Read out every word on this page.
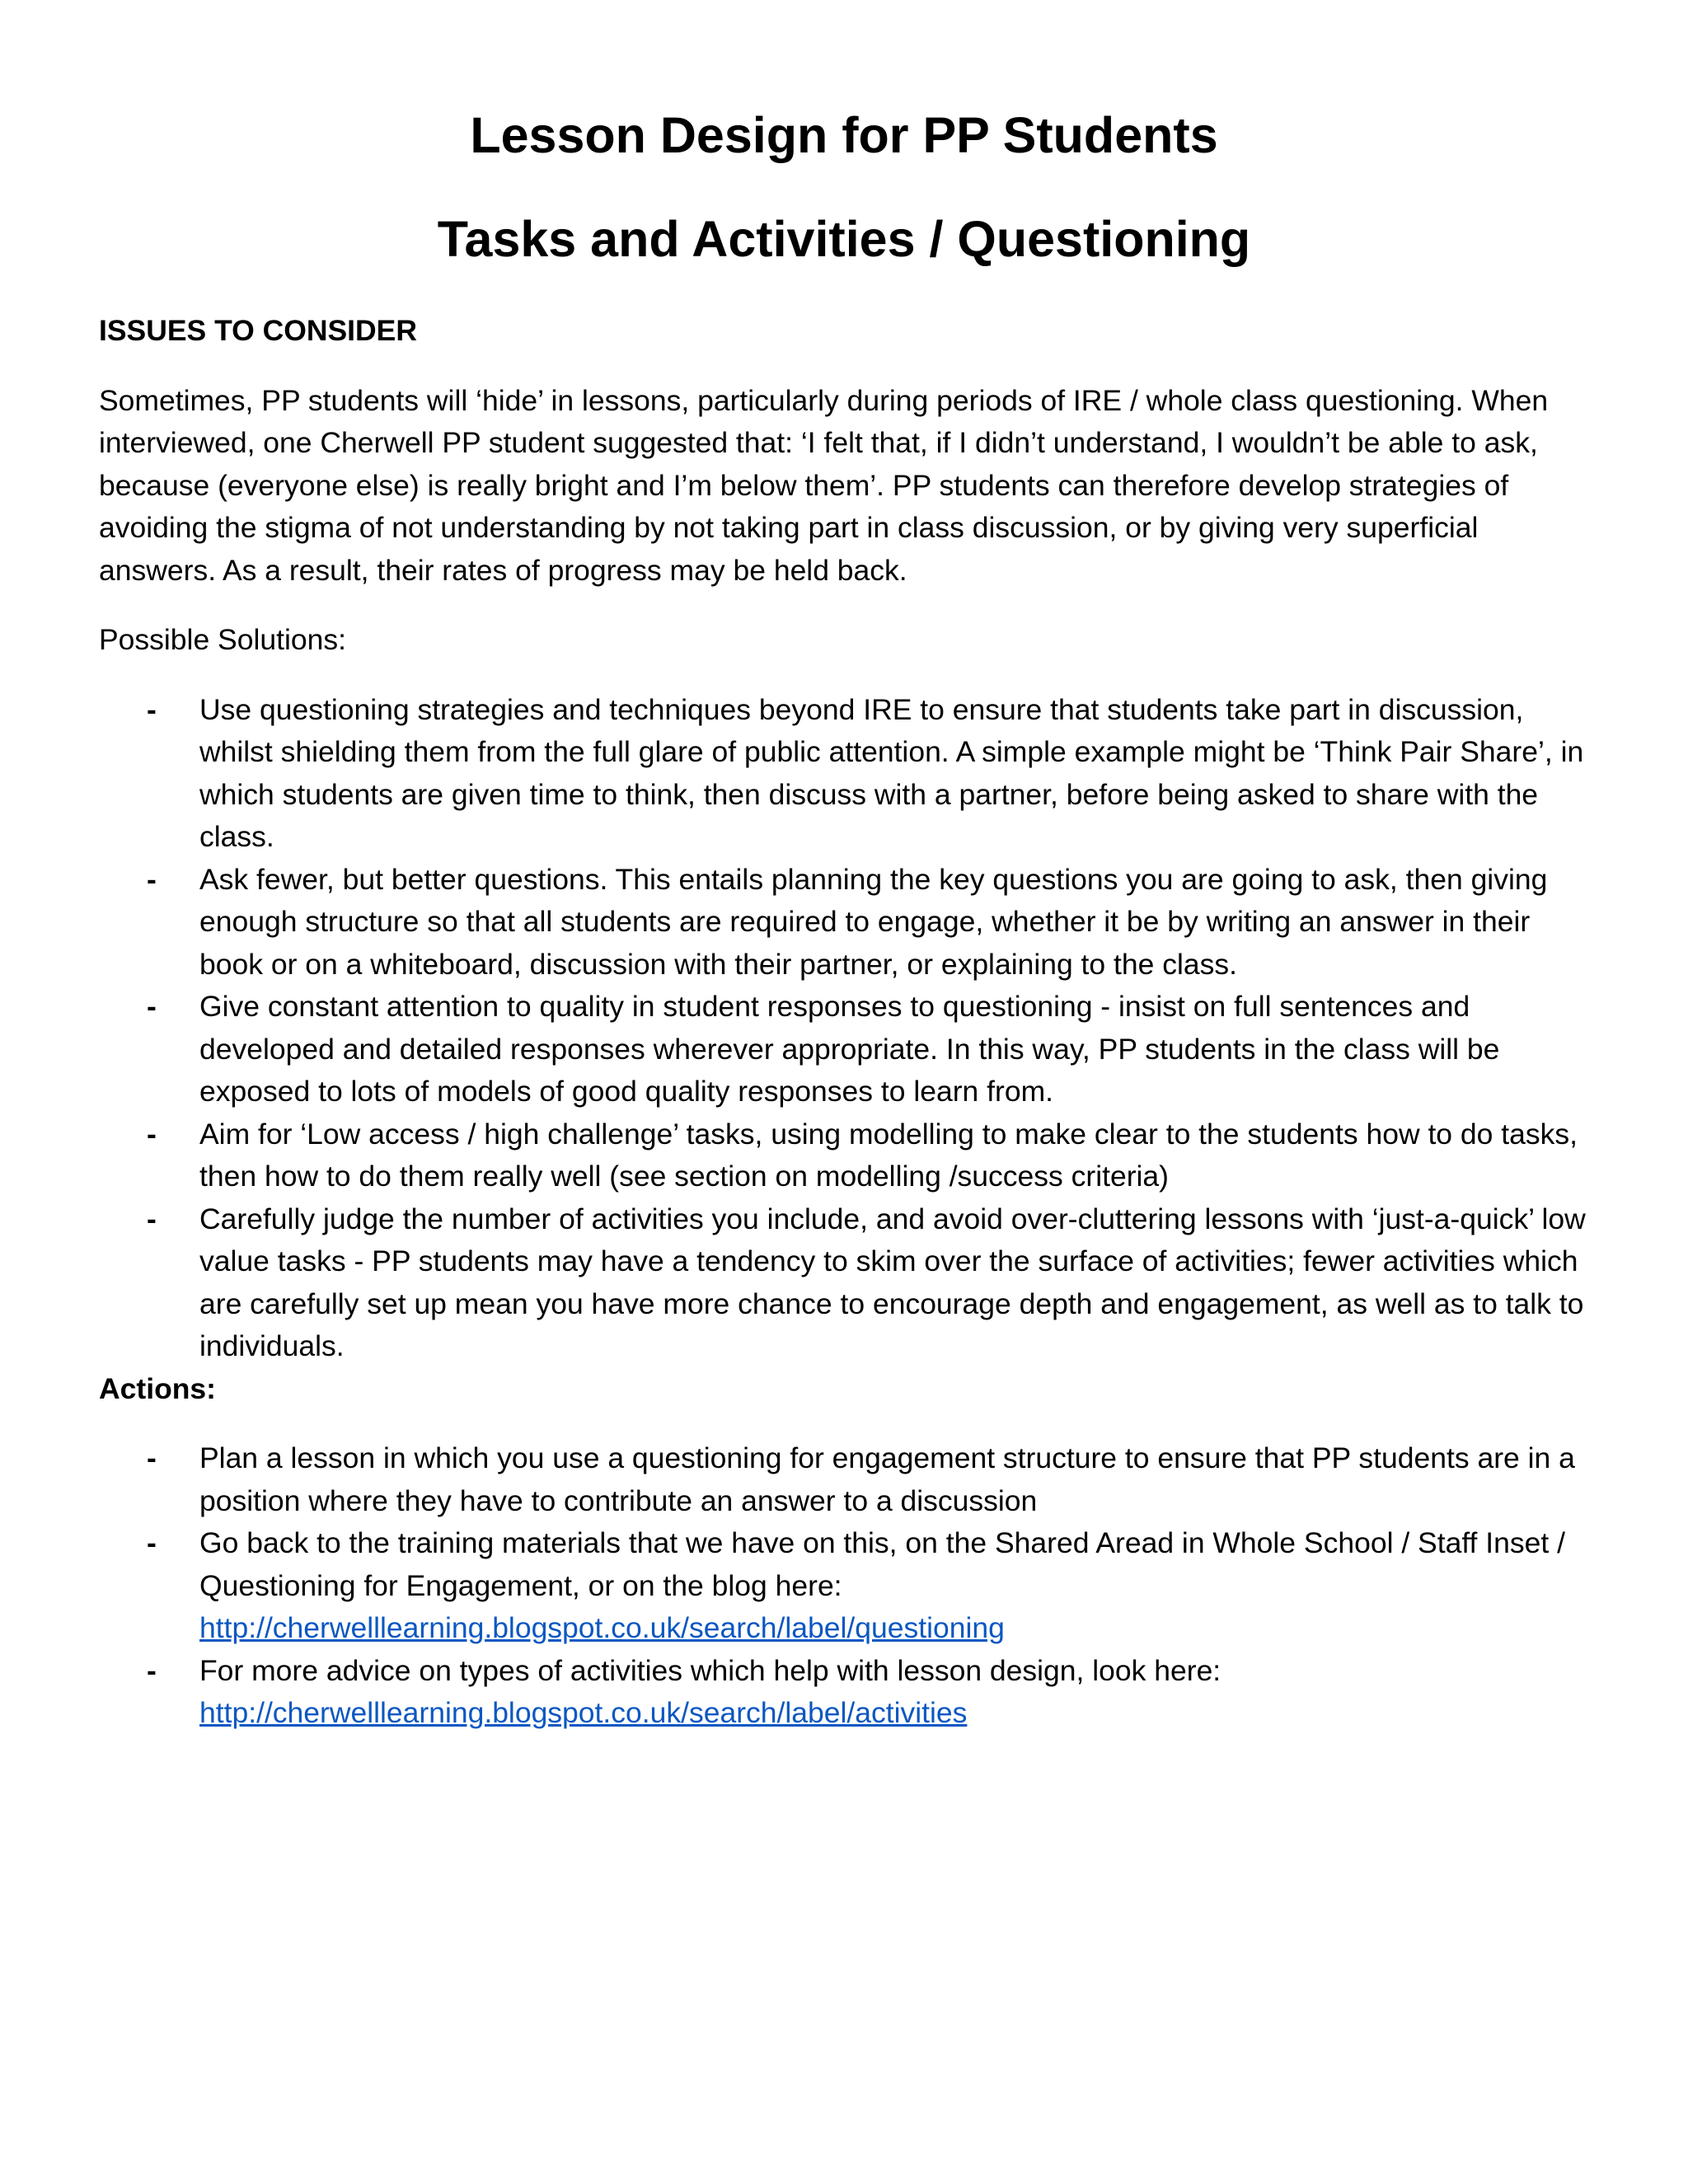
Lesson Design for PP Students
Tasks and Activities / Questioning

ISSUES TO CONSIDER

Sometimes, PP students will ‘hide’ in lessons, particularly during periods of IRE / whole class questioning. When interviewed, one Cherwell PP student suggested that: ‘I felt that, if I didn’t understand, I wouldn’t be able to ask, because (everyone else) is really bright and I’m below them’. PP students can therefore develop strategies of avoiding the stigma of not understanding by not taking part in class discussion, or by giving very superficial answers. As a result, their rates of progress may be held back.

Possible Solutions:

- Use questioning strategies and techniques beyond IRE to ensure that students take part in discussion, whilst shielding them from the full glare of public attention. A simple example might be ‘Think Pair Share’, in which students are given time to think, then discuss with a partner, before being asked to share with the class.
- Ask fewer, but better questions. This entails planning the key questions you are going to ask, then giving enough structure so that all students are required to engage, whether it be by writing an answer in their book or on a whiteboard, discussion with their partner, or explaining to the class.
- Give constant attention to quality in student responses to questioning - insist on full sentences and developed and detailed responses wherever appropriate. In this way, PP students in the class will be exposed to lots of models of good quality responses to learn from.
- Aim for ‘Low access / high challenge’ tasks, using modelling to make clear to the students how to do tasks, then how to do them really well (see section on modelling /success criteria)
- Carefully judge the number of activities you include, and avoid over-cluttering lessons with ‘just-a-quick’ low value tasks - PP students may have a tendency to skim over the surface of activities; fewer activities which are carefully set up mean you have more chance to encourage depth and engagement, as well as to talk to individuals.

Actions:

- Plan a lesson in which you use a questioning for engagement structure to ensure that PP students are in a position where they have to contribute an answer to a discussion
- Go back to the training materials that we have on this, on the Shared Aread in Whole School / Staff Inset / Questioning for Engagement, or on the blog here:
http://cherwelllearning.blogspot.co.uk/search/label/questioning
- For more advice on types of activities which help with lesson design, look here:
http://cherwelllearning.blogspot.co.uk/search/label/activities
